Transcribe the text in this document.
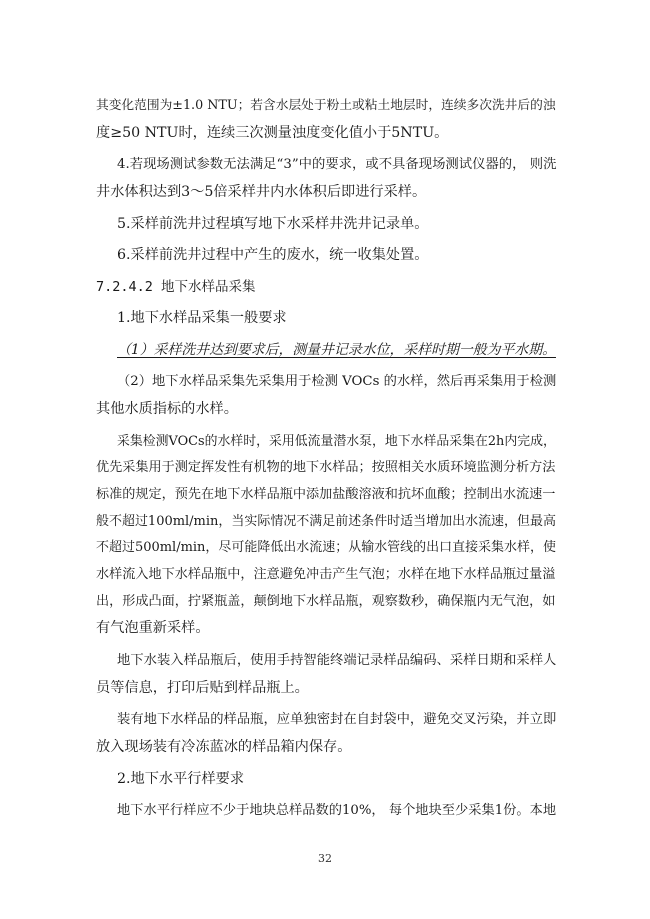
其变化范围为±1.0 NTU；若含水层处于粉土或粘土地层时，连续多次洗井后的浊
度≥50 NTU时，连续三次测量浊度变化值小于5NTU。
4.若现场测试参数无法满足“3”中的要求，或不具备现场测试仪器的， 则洗
井水体积达到3～5倍采样井内水体积后即进行采样。
5.采样前洗井过程填写地下水采样井洗井记录单。
6.采样前洗井过程中产生的废水，统一收集处置。
7.2.4.2 地下水样品采集
1.地下水样品采集一般要求
（1）采样洗井达到要求后，测量井记录水位，采样时期一般为平水期。
（2）地下水样品采集先采集用于检测 VOCs 的水样，然后再采集用于检测
其他水质指标的水样。
采集检测VOCs的水样时，采用低流量潜水泵，地下水样品采集在2h内完成，
优先采集用于测定挥发性有机物的地下水样品；按照相关水质环境监测分析方法
标准的规定，预先在地下水样品瓶中添加盐酸溶液和抗坏血酸；控制出水流速一
般不超过100ml/min，当实际情况不满足前述条件时适当增加出水流速，但最高
不超过500ml/min，尽可能降低出水流速；从输水管线的出口直接采集水样，使
水样流入地下水样品瓶中，注意避免冲击产生气泡；水样在地下水样品瓶过量溢
出，形成凸面，拧紧瓶盖，颠倒地下水样品瓶，观察数秒，确保瓶内无气泡，如
有气泡重新采样。
地下水装入样品瓶后，使用手持智能终端记录样品编码、采样日期和采样人
员等信息，打印后贴到样品瓶上。
装有地下水样品的样品瓶，应单独密封在自封袋中，避免交叉污染，并立即
放入现场装有冷冻蓝冰的样品箱内保存。
2.地下水平行样要求
地下水平行样应不少于地块总样品数的10%， 每个地块至少采集1份。本地
32
